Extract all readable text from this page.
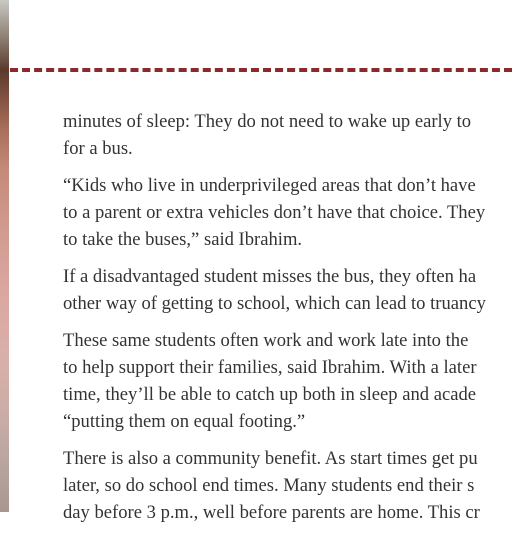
minutes of sleep: They do not need to wake up early to
for a bus.

“Kids who live in underprivileged areas that don’t have
to a parent or extra vehicles don’t have that choice. They
to take the buses,” said Ibrahim.

If a disadvantaged student misses the bus, they often ha
other way of getting to school, which can lead to truancy

These same students often work and work late into the
to help support their families, said Ibrahim. With a later
time, they’ll be able to catch up both in sleep and acade
“putting them on equal footing.”

There is also a community benefit. As start times get pu
later, so do school end times. Many students end their s
day before 3 p.m., well before parents are home. This cr
